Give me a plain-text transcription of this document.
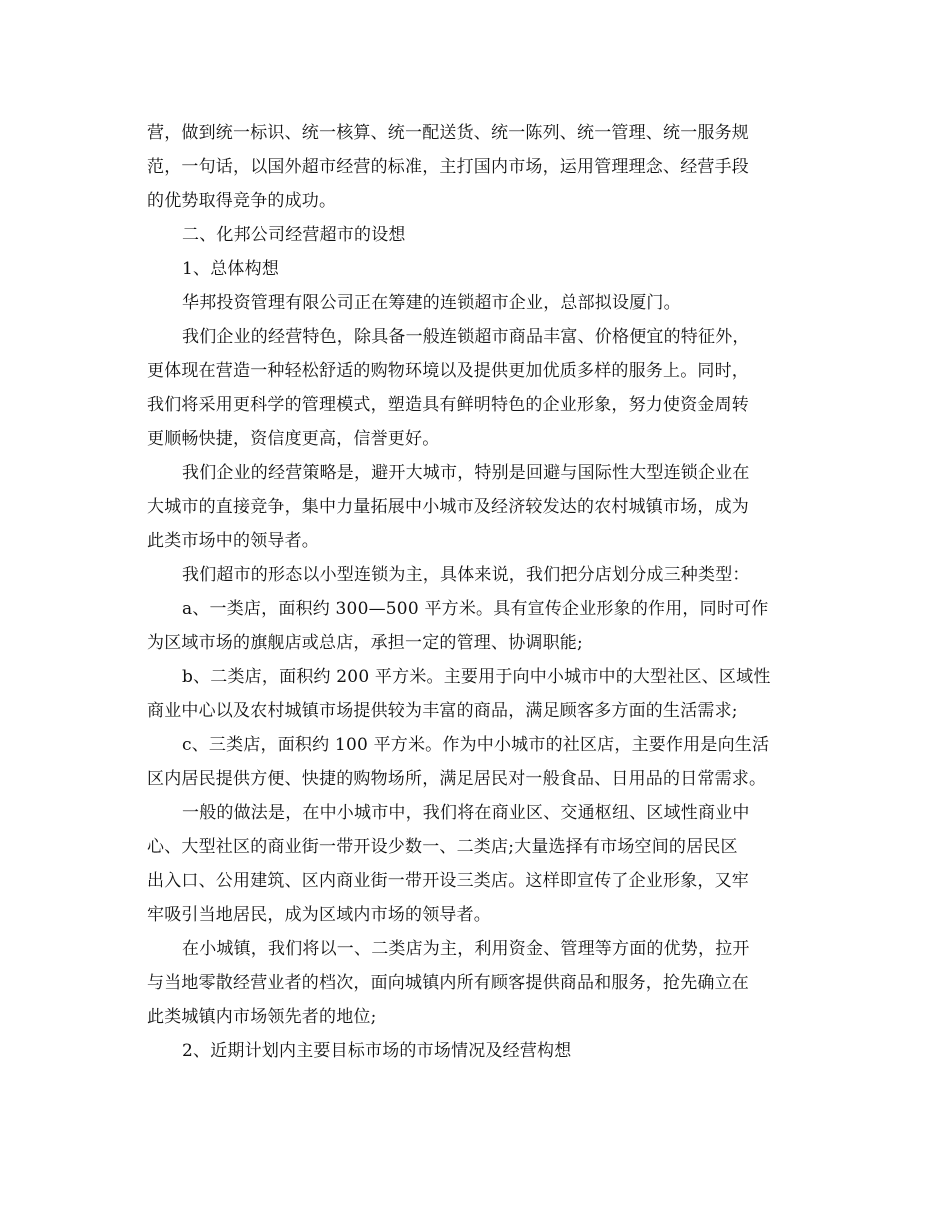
营，做到统一标识、统一核算、统一配送货、统一陈列、统一管理、统一服务规
范，一句话，以国外超市经营的标准，主打国内市场，运用管理理念、经营手段
的优势取得竞争的成功。
二、化邦公司经营超市的设想
1、总体构想
华邦投资管理有限公司正在筹建的连锁超市企业，总部拟设厦门。
我们企业的经营特色，除具备一般连锁超市商品丰富、价格便宜的特征外，
更体现在营造一种轻松舒适的购物环境以及提供更加优质多样的服务上。同时，
我们将采用更科学的管理模式，塑造具有鲜明特色的企业形象，努力使资金周转
更顺畅快捷，资信度更高，信誉更好。
我们企业的经营策略是，避开大城市，特别是回避与国际性大型连锁企业在
大城市的直接竞争，集中力量拓展中小城市及经济较发达的农村城镇市场，成为
此类市场中的领导者。
我们超市的形态以小型连锁为主，具体来说，我们把分店划分成三种类型：
a、一类店，面积约 300—500 平方米。具有宣传企业形象的作用，同时可作
为区域市场的旗舰店或总店，承担一定的管理、协调职能;
b、二类店，面积约 200 平方米。主要用于向中小城市中的大型社区、区域性
商业中心以及农村城镇市场提供较为丰富的商品，满足顾客多方面的生活需求;
c、三类店，面积约 100 平方米。作为中小城市的社区店，主要作用是向生活
区内居民提供方便、快捷的购物场所，满足居民对一般食品、日用品的日常需求。
一般的做法是，在中小城市中，我们将在商业区、交通枢纽、区域性商业中
心、大型社区的商业街一带开设少数一、二类店;大量选择有市场空间的居民区
出入口、公用建筑、区内商业街一带开设三类店。这样即宣传了企业形象，又牢
牢吸引当地居民，成为区域内市场的领导者。
在小城镇，我们将以一、二类店为主，利用资金、管理等方面的优势，拉开
与当地零散经营业者的档次，面向城镇内所有顾客提供商品和服务，抢先确立在
此类城镇内市场领先者的地位;
2、近期计划内主要目标市场的市场情况及经营构想
